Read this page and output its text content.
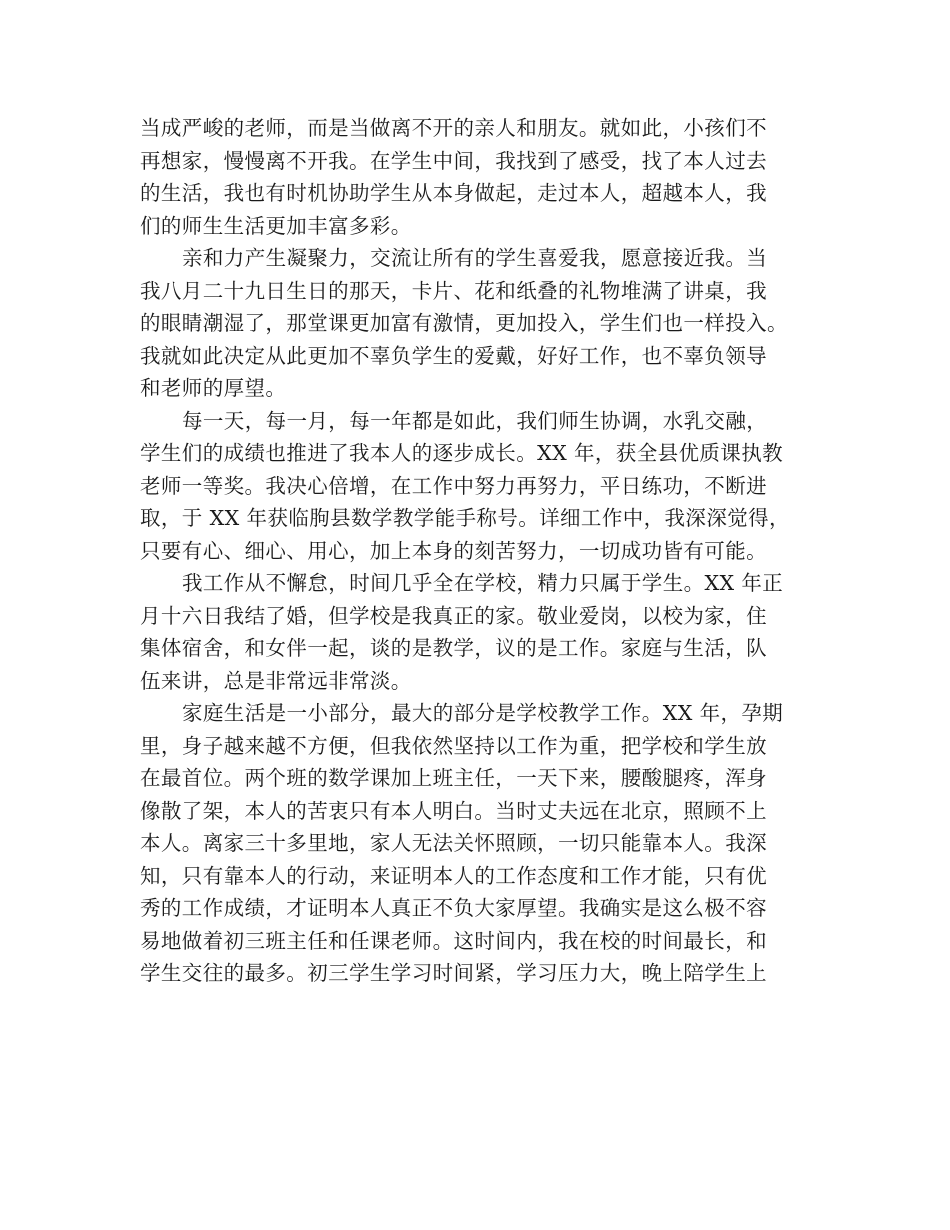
当成严峻的老师，而是当做离不开的亲人和朋友。就如此，小孩们不
再想家，慢慢离不开我。在学生中间，我找到了感受，找了本人过去
的生活，我也有时机协助学生从本身做起，走过本人，超越本人，我
们的师生生活更加丰富多彩。
亲和力产生凝聚力，交流让所有的学生喜爱我，愿意接近我。当
我八月二十九日生日的那天，卡片、花和纸叠的礼物堆满了讲桌，我
的眼睛潮湿了，那堂课更加富有激情，更加投入，学生们也一样投入。
我就如此决定从此更加不辜负学生的爱戴，好好工作，也不辜负领导
和老师的厚望。
每一天，每一月，每一年都是如此，我们师生协调，水乳交融，
学生们的成绩也推进了我本人的逐步成长。XX 年，获全县优质课执教
老师一等奖。我决心倍增，在工作中努力再努力，平日练功，不断进
取，于 XX 年获临朐县数学教学能手称号。详细工作中，我深深觉得，
只要有心、细心、用心，加上本身的刻苦努力，一切成功皆有可能。
我工作从不懈怠，时间几乎全在学校，精力只属于学生。XX 年正
月十六日我结了婚，但学校是我真正的家。敬业爱岗，以校为家，住
集体宿舍，和女伴一起，谈的是教学，议的是工作。家庭与生活，队
伍来讲，总是非常远非常淡。
家庭生活是一小部分，最大的部分是学校教学工作。XX 年，孕期
里，身子越来越不方便，但我依然坚持以工作为重，把学校和学生放
在最首位。两个班的数学课加上班主任，一天下来，腰酸腿疼，浑身
像散了架，本人的苦衷只有本人明白。当时丈夫远在北京，照顾不上
本人。离家三十多里地，家人无法关怀照顾，一切只能靠本人。我深
知，只有靠本人的行动，来证明本人的工作态度和工作才能，只有优
秀的工作成绩，才证明本人真正不负大家厚望。我确实是这么极不容
易地做着初三班主任和任课老师。这时间内，我在校的时间最长，和
学生交往的最多。初三学生学习时间紧，学习压力大，晚上陪学生上
